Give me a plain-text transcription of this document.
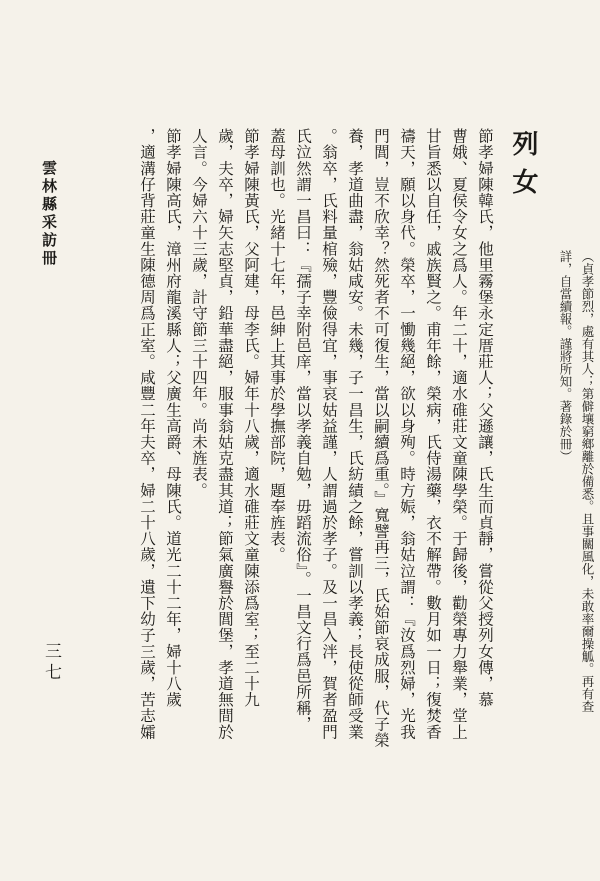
列女
（貞孝節烈，處有其人；第僻壤窮鄉離於備悉。且事關風化，未敢率爾操觚。再有查
詳，自當續報。謹將所知。著錄於冊）
節孝婦陳韓氏，他里霧堡永定厝莊人；父遜讓，氏生而貞靜，嘗從父授列女傳，慕
曹娥、夏侯令女之爲人。年二十，適水碓莊文童陳學榮。于歸後，勸榮專力舉業，堂上
甘旨悉以自任，戚族賢之。甫年餘，榮病，氏侍湯藥，衣不解帶。數月如一日；復焚香
禱天，願以身代。榮卒，一慟幾絕，欲以身殉。時方娠，翁姑泣謂：『汝爲烈婦，光我
門閭，豈不欣幸？然死者不可復生，當以嗣續爲重。』寬譬再三，氏始節哀成服，代子榮
養，孝道曲盡，翁姑咸安。未幾，子一昌生，氏紡績之餘，嘗訓以孝義；長使從師受業
。翁卒，氏料量棺殮，豐儉得宜，事哀姑益謹，人謂過於孝子。及一昌入泮，賀者盈門
氏泣然謂一昌曰：『孺子幸附邑庠，當以孝義自勉，毋蹈流俗』。一昌文行爲邑所稱，
蓋母訓也。光緒十七年，邑紳上其事於學撫部院，題奉旌表。
節孝婦陳黃氏，父阿建，母李氏。婦年十八歲，適水碓莊文童陳添爲室；至二十九
歲，夫卒，婦矢志堅貞，鉛華盡絕，服事翁姑克盡其道；節氣廣譽於閭堡，孝道無間於
人言。今婦六十三歲，計守節三十四年。尚未旌表。
節孝婦陳高氏，漳州府龍溪縣人；父廣生高爵、母陳氏。道光二十二年，婦十八歲
，適溝仔背莊童生陳德周爲正室。咸豐二年夫卒，婦二十八歲，遺下幼子三歲，苦志孀
三七
雲林縣采訪冊
